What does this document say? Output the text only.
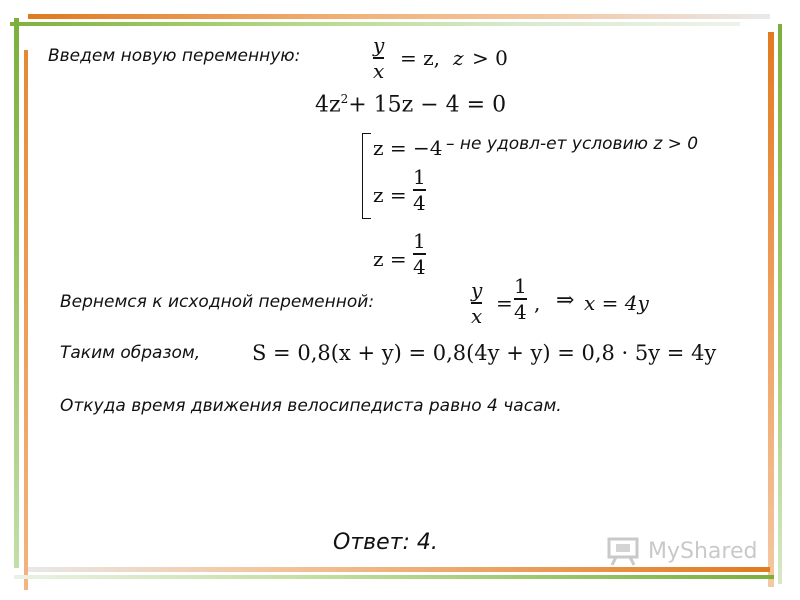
Введем новую переменную:	y
x
= z, z > 0
$4z^2+ 15z - 4 = 0$
z = −4 – не удовл-ет условию z > 0
z =
1
4
z =
1
4
Вернемся к исходной переменной:	y
x
=
1
4 , ⇒ x = 4y
Таким образом, S = 0,8(x + y) = 0,8(4y + y) = 0,8 · 5y = 4y
Откуда время движения велосипедиста равно 4 часам.
Ответ: 4.	MyShared
